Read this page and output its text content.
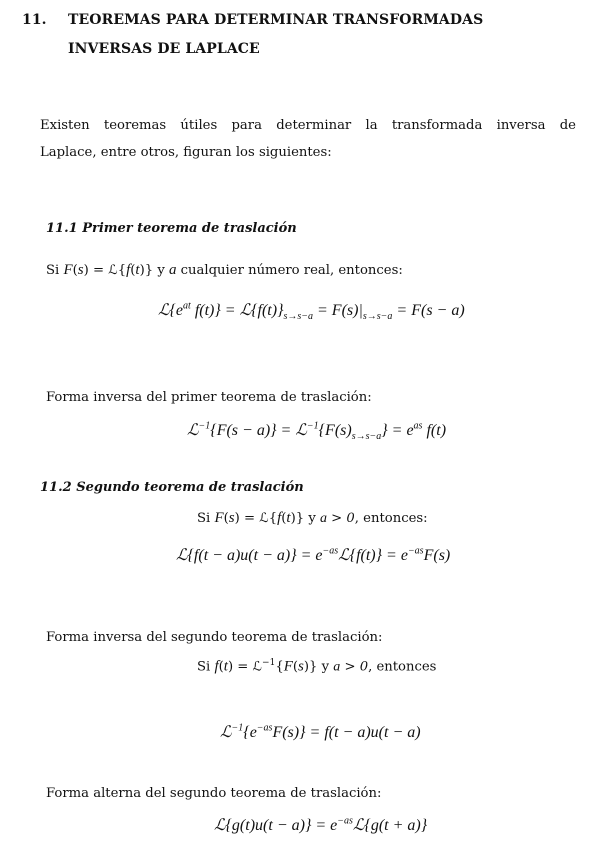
11. TEOREMAS PARA DETERMINAR TRANSFORMADAS
INVERSAS DE LAPLACE
Existen teoremas útiles para determinar la transformada inversa de
Laplace, entre otros, figuran los siguientes:
11.1 Primer teorema de traslación
Si F(s) = ℒ{f(t)} y a cualquier número real, entonces:
$ℒ\{e^{at}$ $f(t)\} = ℒ\{f(t)\}_{s\to s-a} = F(s)|_{s\to s-a} = F(s - a)$
Forma inversa del primer teorema de traslación:
ℒ$^{-1}${F(s − $a)\} = ℒ^{-1}\{F(s)_{s\to s-a}\} = e^{as}$ f(t)
11.2 Segundo teorema de traslación
Si F(s) = ℒ{f(t)} y a > 0, entonces:
ℒ{f(t − $a)u(t - a)\} = e^{-as}ℒ\{f(t)\} = e^{-as}F(s)$
Forma inversa del segundo teorema de traslación:
Si f(t) = ℒ$^{-1}${F(s)} y a > 0, entonces
$ℒ^{-1}\{e^{-as}F(s)\} = f(t - a)u(t - a)$
Forma alterna del segundo teorema de traslación:
ℒ{g(t)u(t − $a)\} = e^{-as}ℒ\{g(t + a)\}$
